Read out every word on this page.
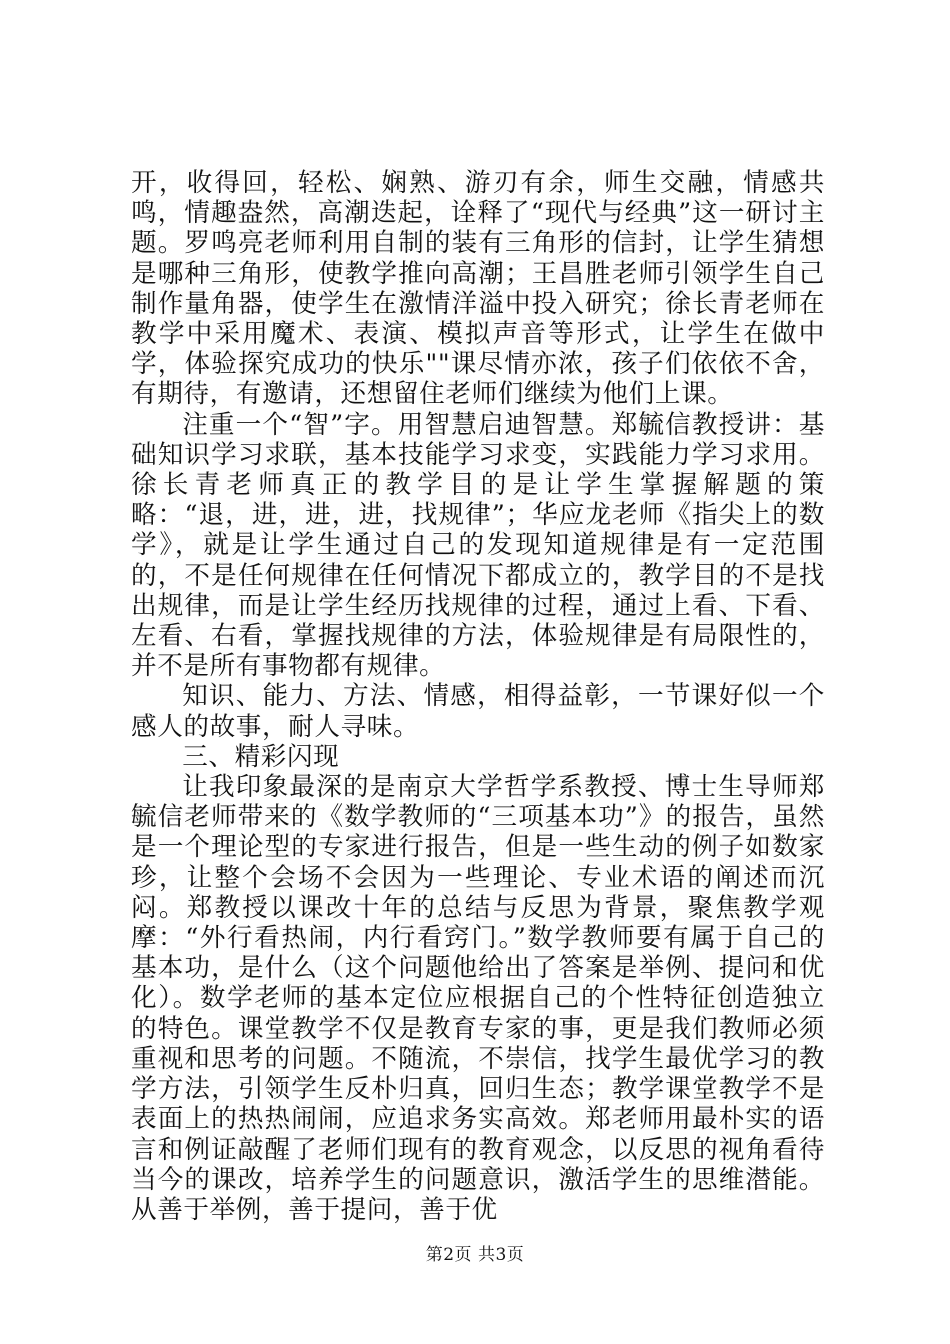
开，收得回，轻松、娴熟、游刃有余，师生交融，情感共鸣，情趣盎然，高潮迭起，诠释了“现代与经典”这一研讨主题。罗鸣亮老师利用自制的装有三角形的信封，让学生猜想是哪种三角形，使教学推向高潮；王昌胜老师引领学生自己制作量角器，使学生在激情洋溢中投入研究；徐长青老师在教学中采用魔术、表演、模拟声音等形式，让学生在做中学，体验探究成功的快乐""课尽情亦浓，孩子们依依不舍，有期待，有邀请，还想留住老师们继续为他们上课。

注重一个“智”字。用智慧启迪智慧。郑毓信教授讲：基础知识学习求联，基本技能学习求变，实践能力学习求用。徐长青老师真正的教学目的是让学生掌握解题的策略：“退，进，进，进，找规律”；华应龙老师《指尖上的数学》，就是让学生通过自己的发现知道规律是有一定范围的，不是任何规律在任何情况下都成立的，教学目的不是找出规律，而是让学生经历找规律的过程，通过上看、下看、左看、右看，掌握找规律的方法，体验规律是有局限性的，并不是所有事物都有规律。

知识、能力、方法、情感，相得益彰，一节课好似一个感人的故事，耐人寻味。

三、精彩闪现

让我印象最深的是南京大学哲学系教授、博士生导师郑毓信老师带来的《数学教师的“三项基本功”》的报告，虽然是一个理论型的专家进行报告，但是一些生动的例子如数家珍，让整个会场不会因为一些理论、专业术语的阐述而沉闷。郑教授以课改十年的总结与反思为背景，聚焦教学观摩：“外行看热闹，内行看窍门。”数学教师要有属于自己的基本功，是什么（这个问题他给出了答案是举例、提问和优化）。数学老师的基本定位应根据自己的个性特征创造独立的特色。课堂教学不仅是教育专家的事，更是我们教师必须重视和思考的问题。不随流，不崇信，找学生最优学习的教学方法，引领学生反朴归真，回归生态；教学课堂教学不是表面上的热热闹闹，应追求务实高效。郑老师用最朴实的语言和例证敲醒了老师们现有的教育观念，以反思的视角看待当今的课改，培养学生的问题意识，激活学生的思维潜能。从善于举例，善于提问，善于优

第2页 共3页
